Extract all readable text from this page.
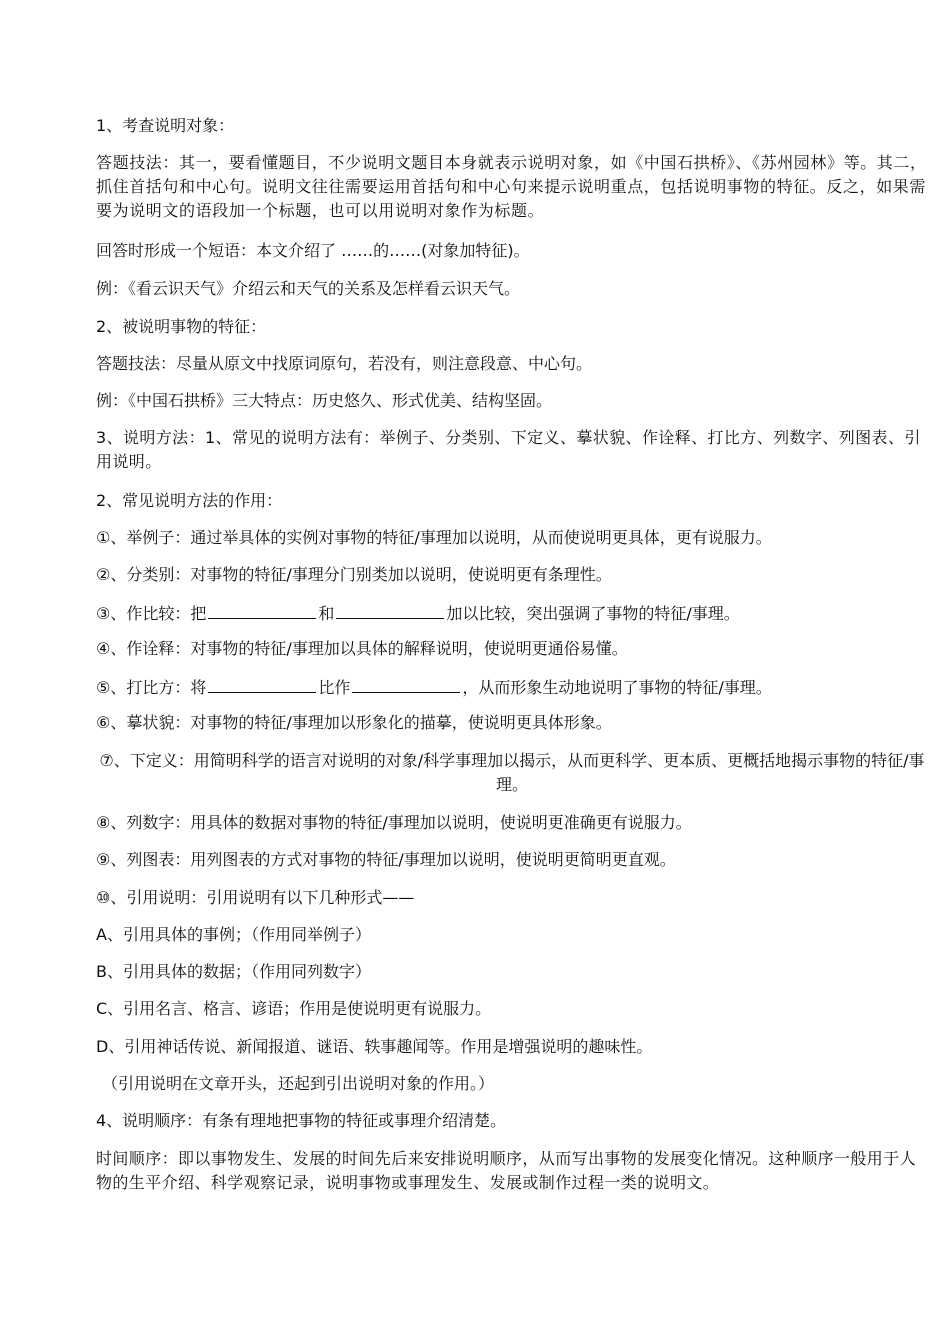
1、考查说明对象：

答题技法：其一，要看懂题目，不少说明文题目本身就表示说明对象，如《中国石拱桥》、《苏州园林》等。其二，抓住首括句和中心句。说明文往往需要运用首括句和中心句来提示说明重点，包括说明事物的特征。反之，如果需要为说明文的语段加一个标题，也可以用说明对象作为标题。

回答时形成一个短语：本文介绍了 ……的……(对象加特征)。

例：《看云识天气》介绍云和天气的关系及怎样看云识天气。

2、被说明事物的特征：

答题技法：尽量从原文中找原词原句，若没有，则注意段意、中心句。

例：《中国石拱桥》三大特点：历史悠久、形式优美、结构坚固。

3、说明方法：1、常见的说明方法有：举例子、分类别、下定义、摹状貌、作诠释、打比方、列数字、列图表、引用说明。

2、常见说明方法的作用：

①、举例子：通过举具体的实例对事物的特征/事理加以说明，从而使说明更具体，更有说服力。

②、分类别：对事物的特征/事理分门别类加以说明，使说明更有条理性。

③、作比较：把	和	加以比较，突出强调了事物的特征/事理。

④、作诠释：对事物的特征/事理加以具体的解释说明，使说明更通俗易懂。

⑤、打比方：将	比作	，从而形象生动地说明了事物的特征/事理。

⑥、摹状貌：对事物的特征/事理加以形象化的描摹，使说明更具体形象。

⑦、下定义：用简明科学的语言对说明的对象/科学事理加以揭示，从而更科学、更本质、更概括地揭示事物的特征/事理。

⑧、列数字：用具体的数据对事物的特征/事理加以说明，使说明更准确更有说服力。

⑨、列图表：用列图表的方式对事物的特征/事理加以说明，使说明更简明更直观。

⑩、引用说明：引用说明有以下几种形式——

A、引用具体的事例；（作用同举例子）

B、引用具体的数据；（作用同列数字）

C、引用名言、格言、谚语；作用是使说明更有说服力。

D、引用神话传说、新闻报道、谜语、轶事趣闻等。作用是增强说明的趣味性。

（引用说明在文章开头，还起到引出说明对象的作用。）

4、说明顺序：有条有理地把事物的特征或事理介绍清楚。

时间顺序：即以事物发生、发展的时间先后来安排说明顺序，从而写出事物的发展变化情况。这种顺序一般用于人物的生平介绍、科学观察记录，说明事物或事理发生、发展或制作过程一类的说明文。
